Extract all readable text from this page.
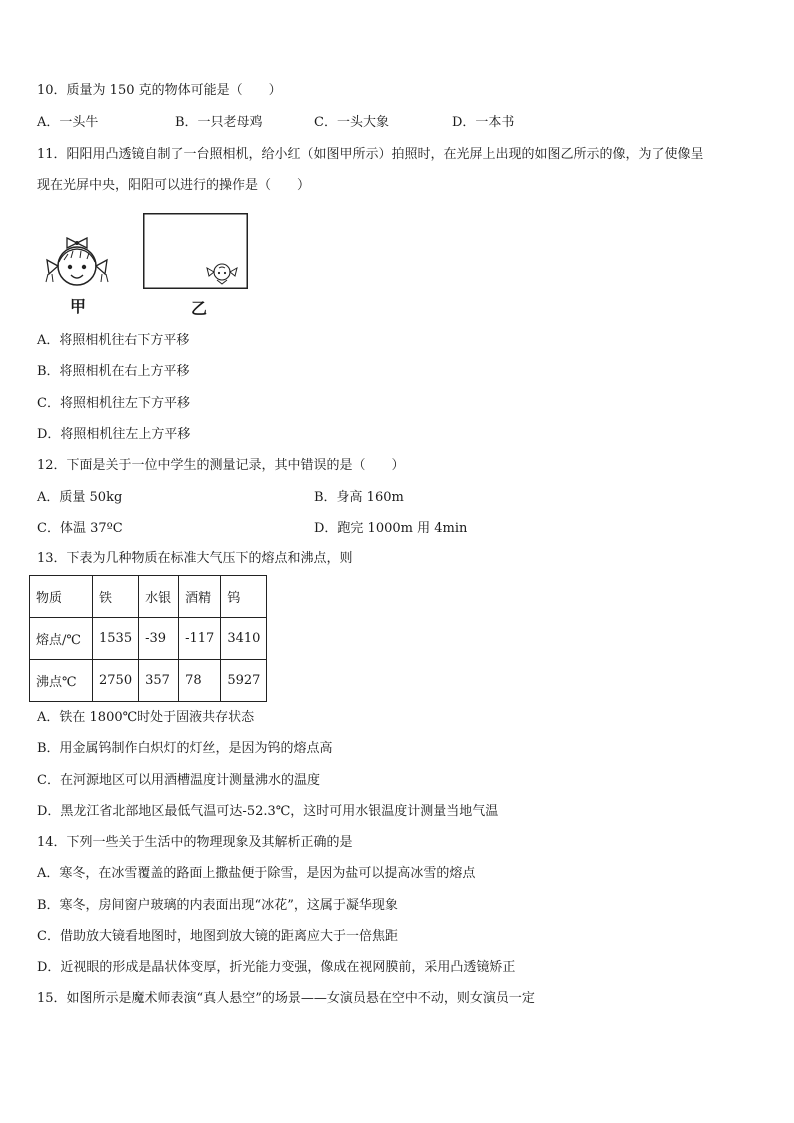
10．质量为 150 克的物体可能是（　　）
A．一头牛	B．一只老母鸡	C．一头大象	D．一本书
11．阳阳用凸透镜自制了一台照相机，给小红（如图甲所示）拍照时，在光屏上出现的如图乙所示的像，为了使像呈
现在光屏中央，阳阳可以进行的操作是（　　）
甲	乙
A．将照相机往右下方平移
B．将照相机在右上方平移
C．将照相机往左下方平移
D．将照相机往左上方平移
12．下面是关于一位中学生的测量记录，其中错误的是（　　）
A．质量 50kg	B．身高 160m
C．体温 37ºC	D．跑完 1000m 用 4min
13．下表为几种物质在标准大气压下的熔点和沸点，则
物质	铁	水银	酒精	钨
熔点/℃	1535	-39	-117	3410
沸点℃	2750	357	78	5927
A．铁在 1800℃时处于固液共存状态
B．用金属钨制作白炽灯的灯丝，是因为钨的熔点高
C．在河源地区可以用酒槽温度计测量沸水的温度
D．黑龙江省北部地区最低气温可达-52.3℃，这时可用水银温度计测量当地气温
14．下列一些关于生活中的物理现象及其解析正确的是
A．寒冬，在冰雪覆盖的路面上撒盐便于除雪，是因为盐可以提高冰雪的熔点
B．寒冬，房间窗户玻璃的内表面出现“冰花”，这属于凝华现象
C．借助放大镜看地图时，地图到放大镜的距离应大于一倍焦距
D．近视眼的形成是晶状体变厚，折光能力变强，像成在视网膜前，采用凸透镜矫正
15．如图所示是魔术师表演“真人悬空”的场景——女演员悬在空中不动，则女演员一定
